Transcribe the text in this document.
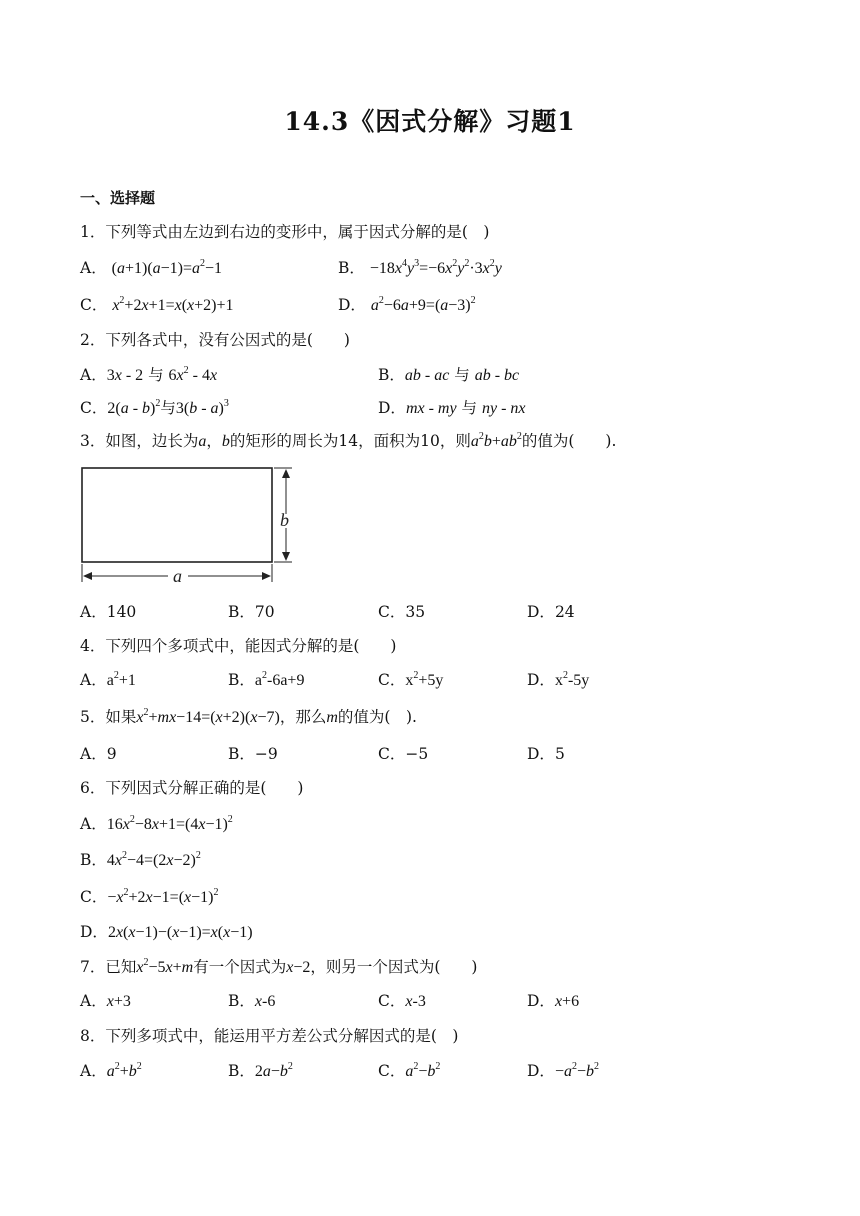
14.3《因式分解》习题1
一、选择题
1．下列等式由左边到右边的变形中，属于因式分解的是(　)
A． $(a+1)(a-1)=a^2-1$	B． $-18x^4y^3=-6x^2y^2\cdot 3x^2y$
C． $x^2+2x+1=x(x+2)+1$	D． $a^2-6a+9=(a-3)^2$
2．下列各式中，没有公因式的是(　　)
A．3x - 2 与 $6x^2 - 4x$	B．ab - ac 与 ab - bc
C．2(a - b)$^2$与3(b - a)$^3$	D．mx - my 与 ny - nx
3．如图，边长为a，b的矩形的周长为14，面积为10，则$a^2b+ab^2$的值为(　　).
b
a
A．140	B．70	C．35	D．24
4．下列四个多项式中，能因式分解的是(　　)
A．$a^2+1$	B．$a^2-6a+9$	C．$x^2+5y$	D．$x^2-5y$
5．如果$x^2+mx-14=(x+2)(x-7)$，那么m的值为(　).
A．9	B．−9	C．−5	D．5
6．下列因式分解正确的是(　　)
A．$16x^2-8x+1=(4x-1)^2$
B．$4x^2-4=(2x-2)^2$
C．$-x^2+2x-1=(x-1)^2$
D．2x(x−1)−(x−1)=x(x−1)
7．已知$x^2-5x+m$有一个因式为x−2，则另一个因式为(　　)
A．x+3	B．x-6	C．x-3	D．x+6
8．下列多项式中，能运用平方差公式分解因式的是(　)
A．$a^2+b^2$	B．$2a-b^2$	C．$a^2-b^2$	D．$-a^2-b^2$
